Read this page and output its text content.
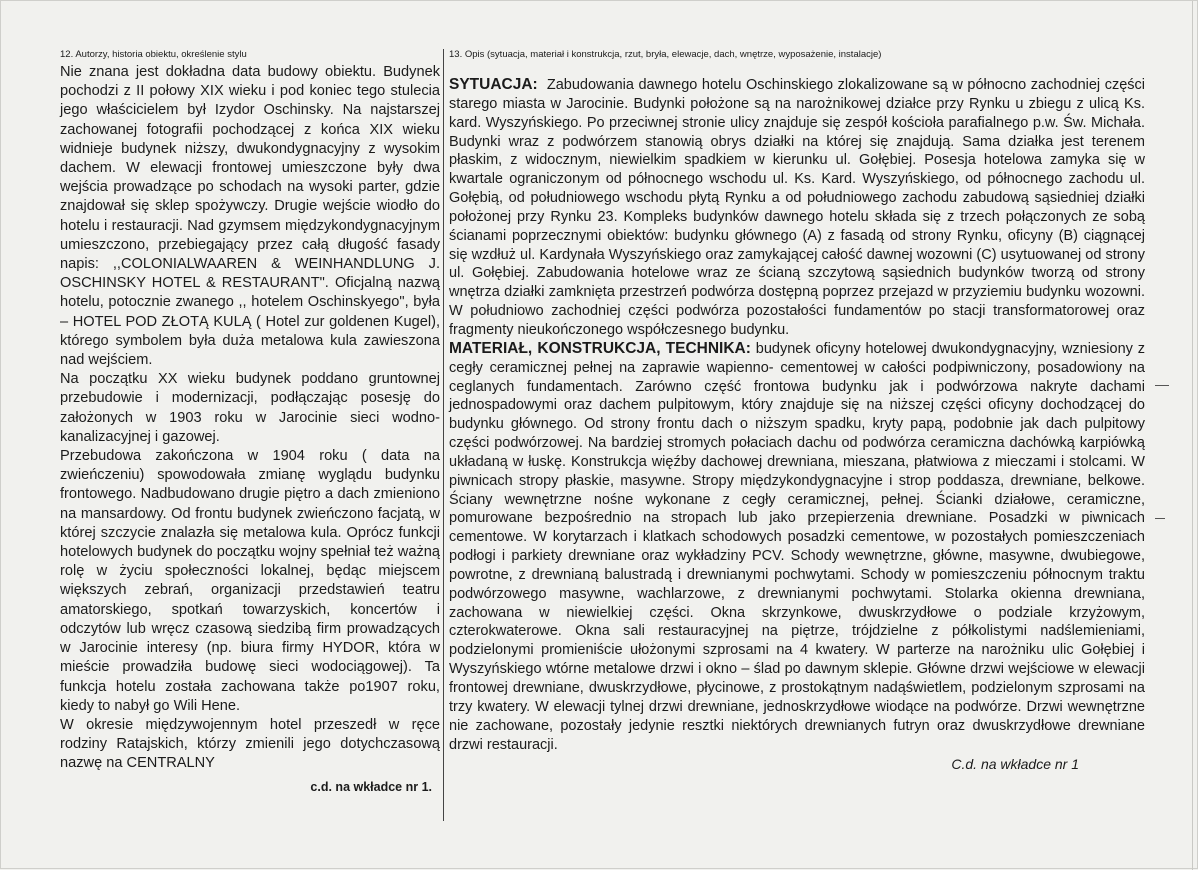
12. Autorzy, historia obiektu, określenie stylu

Nie znana jest dokładna data budowy obiektu. Budynek pochodzi z II połowy XIX wieku i pod koniec tego stulecia jego właścicielem był Izydor Oschinsky. Na najstarszej zachowanej fotografii pochodzącej z końca XIX wieku widnieje budynek niższy, dwukondygnacyjny z wysokim dachem. W elewacji frontowej umieszczone były dwa wejścia prowadzące po schodach na wysoki parter, gdzie znajdował się sklep spożywczy. Drugie wejście wiodło do hotelu i restauracji. Nad gzymsem międzykondygnacyjnym umieszczono, przebiegający przez całą długość fasady napis: ,,COLONIALWAAREN & WEINHANDLUNG J. OSCHINSKY HOTEL & RESTAURANT". Oficjalną nazwą hotelu, potocznie zwanego ,, hotelem Oschinskyego", była – HOTEL POD ZŁOTĄ KULĄ ( Hotel zur goldenen Kugel), którego symbolem była duża metalowa kula zawieszona nad wejściem.

Na początku XX wieku budynek poddano gruntownej przebudowie i modernizacji, podłączając posesję do założonych w 1903 roku w Jarocinie sieci wodno-kanalizacyjnej i gazowej.

Przebudowa zakończona w 1904 roku ( data na zwieńczeniu) spowodowała zmianę wyglądu budynku frontowego. Nadbudowano drugie piętro a dach zmieniono na mansardowy. Od frontu budynek zwieńczono facjatą, w której szczycie znalazła się metalowa kula. Oprócz funkcji hotelowych budynek do początku wojny spełniał też ważną rolę w życiu społeczności lokalnej, będąc miejscem większych zebrań, organizacji przedstawień teatru amatorskiego, spotkań towarzyskich, koncertów i odczytów lub wręcz czasową siedzibą firm prowadzących w Jarocinie interesy (np. biura firmy HYDOR, która w mieście prowadziła budowę sieci wodociągowej). Ta funkcja hotelu została zachowana także po1907 roku, kiedy to nabył go Wili Hene.

W okresie międzywojennym hotel przeszedł w ręce rodziny Ratajskich, którzy zmienili jego dotychczasową nazwę na CENTRALNY

c.d. na wkładce nr 1.
13. Opis (sytuacja, materiał i konstrukcja, rzut, bryła, elewacje, dach, wnętrze, wyposażenie, instalacje)

SYTUACJA: Zabudowania dawnego hotelu Oschinskiego zlokalizowane są w północno zachodniej części starego miasta w Jarocinie. Budynki położone są na narożnikowej działce przy Rynku u zbiegu z ulicą Ks. kard. Wyszyńskiego. Po przeciwnej stronie ulicy znajduje się zespół kościoła parafialnego p.w. Św. Michała. Budynki wraz z podwórzem stanowią obrys działki na której się znajdują. Sama działka jest terenem płaskim, z widocznym, niewielkim spadkiem w kierunku ul. Gołębiej. Posesja hotelowa zamyka się w kwartale ograniczonym od północnego wschodu ul. Ks. Kard. Wyszyńskiego, od północnego zachodu ul. Gołębią, od południowego wschodu płytą Rynku a od południowego zachodu zabudową sąsiedniej działki położonej przy Rynku 23. Kompleks budynków dawnego hotelu składa się z trzech połączonych ze sobą ścianami poprzecznymi obiektów: budynku głównego (A) z fasadą od strony Rynku, oficyny (B) ciągnącej się wzdłuż ul. Kardynała Wyszyńskiego oraz zamykającej całość dawnej wozowni (C) usytuowanej od strony ul. Gołębiej. Zabudowania hotelowe wraz ze ścianą szczytową sąsiednich budynków tworzą od strony wnętrza działki zamknięta przestrzeń podwórza dostępną poprzez przejazd w przyziemiu budynku wozowni. W południowo zachodniej części podwórza pozostałości fundamentów po stacji transformatorowej oraz fragmenty nieukończonego współczesnego budynku.

MATERIAŁ, KONSTRUKCJA, TECHNIKA: budynek oficyny hotelowej dwukondygnacyjny, wzniesiony z cegły ceramicznej pełnej na zaprawie wapienno- cementowej w całości podpiwniczony, posadowiony na ceglanych fundamentach. Zarówno część frontowa budynku jak i podwórzowa nakryte dachami jednospadowymi oraz dachem pulpitowym, który znajduje się na niższej części oficyny dochodzącej do budynku głównego. Od strony frontu dach o niższym spadku, kryty papą, podobnie jak dach pulpitowy części podwórzowej. Na bardziej stromych połaciach dachu od podwórza ceramiczna dachówką karpiówką układaną w łuskę. Konstrukcja więźby dachowej drewniana, mieszana, płatwiowa z mieczami i stolcami. W piwnicach stropy płaskie, masywne. Stropy międzykondygnacyjne i strop poddasza, drewniane, belkowe. Ściany wewnętrzne nośne wykonane z cegły ceramicznej, pełnej. Ścianki działowe, ceramiczne, pomurowane bezpośrednio na stropach lub jako przepierzenia drewniane. Posadzki w piwnicach cementowe. W korytarzach i klatkach schodowych posadzki cementowe, w pozostałych pomieszczeniach podłogi i parkiety drewniane oraz wykładziny PCV. Schody wewnętrzne, główne, masywne, dwubiegowe, powrotne, z drewnianą balustradą i drewnianymi pochwytami. Schody w pomieszczeniu północnym traktu podwórzowego masywne, wachlarzowe, z drewnianymi pochwytami. Stolarka okienna drewniana, zachowana w niewielkiej części. Okna skrzynkowe, dwuskrzydłowe o podziale krzyżowym, czterokwaterowe. Okna sali restauracyjnej na piętrze, trójdzielne z półkolistymi nadślemieniami, podzielonymi promieniście ułożonymi szprosami na 4 kwatery. W parterze na narożniku ulic Gołębiej i Wyszyńskiego wtórne metalowe drzwi i okno – ślad po dawnym sklepie. Główne drzwi wejściowe w elewacji frontowej drewniane, dwuskrzydłowe, płycinowe, z prostokątnym nadąświetlem, podzielonym szprosami na trzy kwatery. W elewacji tylnej drzwi drewniane, jednoskrzydłowe wiodące na podwórze. Drzwi wewnętrzne nie zachowane, pozostały jedynie resztki niektórych drewnianych futryn oraz dwuskrzydłowe drewniane drzwi restauracji.

C.d. na wkładce nr 1
